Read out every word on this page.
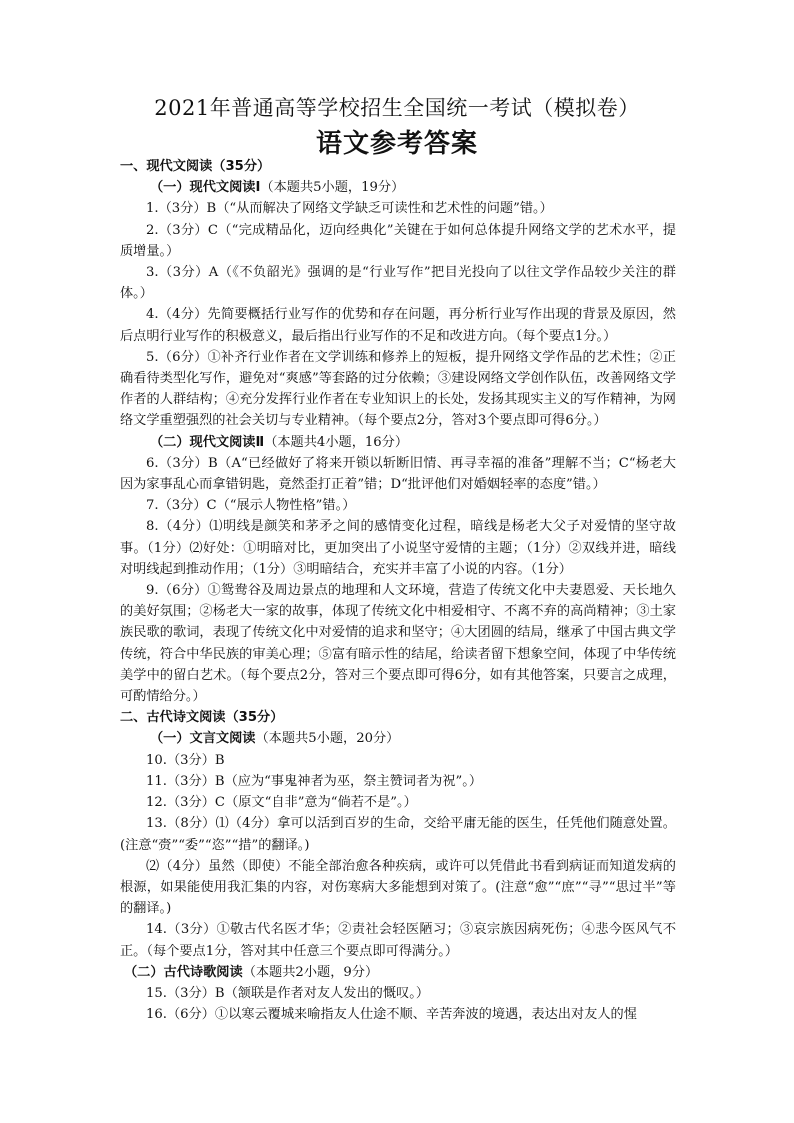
2021年普通高等学校招生全国统一考试（模拟卷）
语文参考答案

一、现代文阅读（35分）

（一）现代文阅读Ⅰ（本题共5小题，19分）

1.（3分）B（“从而解决了网络文学缺乏可读性和艺术性的问题”错。）

2.（3分）C（“完成精品化，迈向经典化”关键在于如何总体提升网络文学的艺术水平，提质增量。）

3.（3分）A（《不负韶光》强调的是“行业写作”把目光投向了以往文学作品较少关注的群体。）

4.（4分）先简要概括行业写作的优势和存在问题，再分析行业写作出现的背景及原因，然后点明行业写作的积极意义，最后指出行业写作的不足和改进方向。（每个要点1分。）

5.（6分）①补齐行业作者在文学训练和修养上的短板，提升网络文学作品的艺术性；②正确看待类型化写作，避免对“爽感”等套路的过分依赖；③建设网络文学创作队伍，改善网络文学作者的人群结构；④充分发挥行业作者在专业知识上的长处，发扬其现实主义的写作精神，为网络文学重塑强烈的社会关切与专业精神。（每个要点2分，答对3个要点即可得6分。）

（二）现代文阅读Ⅱ（本题共4小题，16分）

6.（3分）B（A“已经做好了将来开锁以斩断旧情、再寻幸福的准备”理解不当；C“杨老大因为家事乱心而拿错钥匙，竟然歪打正着”错；D“批评他们对婚姻轻率的态度”错。）

7.（3分）C（“展示人物性格”错。）

8.（4分）⑴明线是颜笑和茅矛之间的感情变化过程，暗线是杨老大父子对爱情的坚守故事。（1分）⑵好处：①明暗对比，更加突出了小说坚守爱情的主题；（1分）②双线并进，暗线对明线起到推动作用；（1分）③明暗结合，充实并丰富了小说的内容。（1分）

9.（6分）①鸳鸯谷及周边景点的地理和人文环境，营造了传统文化中夫妻恩爱、天长地久的美好氛围；②杨老大一家的故事，体现了传统文化中相爱相守、不离不弃的高尚精神；③土家族民歌的歌词，表现了传统文化中对爱情的追求和坚守；④大团圆的结局，继承了中国古典文学传统，符合中华民族的审美心理；⑤富有暗示性的结尾，给读者留下想象空间，体现了中华传统美学中的留白艺术。（每个要点2分，答对三个要点即可得6分，如有其他答案，只要言之成理，可酌情给分。）

二、古代诗文阅读（35分）

（一）文言文阅读（本题共5小题，20分）

10.（3分）B

11.（3分）B（应为“事鬼神者为巫，祭主赞词者为祝”。）

12.（3分）C（原文“自非”意为“倘若不是”。）

13.（8分）⑴（4分）拿可以活到百岁的生命，交给平庸无能的医生，任凭他们随意处置。(注意“赍”“委”“恣”“措”的翻译。)

⑵（4分）虽然（即使）不能全部治愈各种疾病，或许可以凭借此书看到病证而知道发病的根源，如果能使用我汇集的内容，对伤寒病大多能想到对策了。(注意“愈”“庶”“寻”“思过半”等的翻译。)

14.（3分）①敬古代名医才华；②责社会轻医陋习；③哀宗族因病死伤；④悲今医风气不正。（每个要点1分，答对其中任意三个要点即可得满分。）

（二）古代诗歌阅读（本题共2小题，9分）

15.（3分）B（颔联是作者对友人发出的慨叹。）

16.（6分）①以寒云覆城来喻指友人仕途不顺、辛苦奔波的境遇，表达出对友人的惺
